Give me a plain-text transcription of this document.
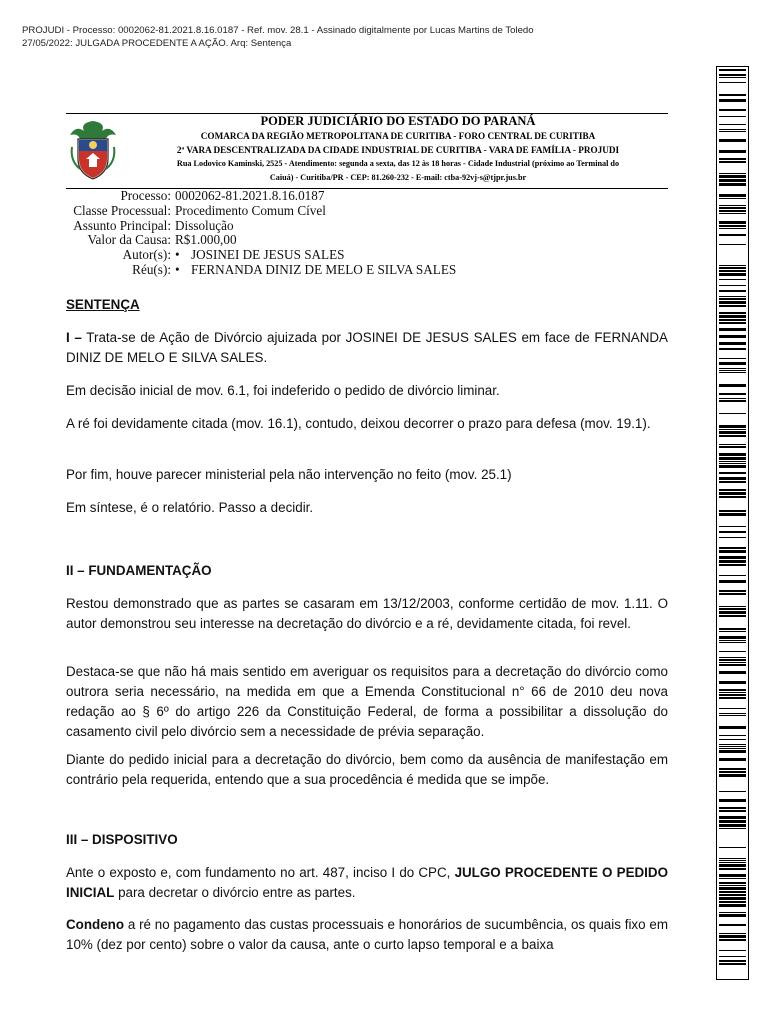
PROJUDI - Processo: 0002062-81.2021.8.16.0187 - Ref. mov. 28.1 - Assinado digitalmente por Lucas Martins de Toledo
27/05/2022: JULGADA PROCEDENTE A AÇÃO. Arq: Sentença
PODER JUDICIÁRIO DO ESTADO DO PARANÁ
COMARCA DA REGIÃO METROPOLITANA DE CURITIBA - FORO CENTRAL DE CURITIBA
2ª VARA DESCENTRALIZADA DA CIDADE INDUSTRIAL DE CURITIBA - VARA DE FAMÍLIA - PROJUDI
Rua Lodovico Kaminski, 2525 - Atendimento: segunda a sexta, das 12 às 18 horas - Cidade Industrial (próximo ao Terminal do
Caiuá) - Curitiba/PR - CEP: 81.260-232 - E-mail: ctba-92vj-s@tjpr.jus.br
Processo: 0002062-81.2021.8.16.0187
Classe Processual: Procedimento Comum Cível
Assunto Principal: Dissolução
Valor da Causa: R$1.000,00
Autor(s): • JOSINEI DE JESUS SALES
Réu(s): • FERNANDA DINIZ DE MELO E SILVA SALES
SENTENÇA
I – Trata-se de Ação de Divórcio ajuizada por JOSINEI DE JESUS SALES em face de FERNANDA DINIZ DE MELO E SILVA SALES.
Em decisão inicial de mov. 6.1, foi indeferido o pedido de divórcio liminar.
A ré foi devidamente citada (mov. 16.1), contudo, deixou decorrer o prazo para defesa (mov. 19.1).
Por fim, houve parecer ministerial pela não intervenção no feito (mov. 25.1)
Em síntese, é o relatório. Passo a decidir.
II – FUNDAMENTAÇÃO
Restou demonstrado que as partes se casaram em 13/12/2003, conforme certidão de mov. 1.11. O autor demonstrou seu interesse na decretação do divórcio e a ré, devidamente citada, foi revel.
Destaca-se que não há mais sentido em averiguar os requisitos para a decretação do divórcio como outrora seria necessário, na medida em que a Emenda Constitucional n° 66 de 2010 deu nova redação ao § 6º do artigo 226 da Constituição Federal, de forma a possibilitar a dissolução do casamento civil pelo divórcio sem a necessidade de prévia separação.
Diante do pedido inicial para a decretação do divórcio, bem como da ausência de manifestação em contrário pela requerida, entendo que a sua procedência é medida que se impõe.
III – DISPOSITIVO
Ante o exposto e, com fundamento no art. 487, inciso I do CPC, JULGO PROCEDENTE O PEDIDO INICIAL para decretar o divórcio entre as partes.
Condeno a ré no pagamento das custas processuais e honorários de sucumbência, os quais fixo em 10% (dez por cento) sobre o valor da causa, ante o curto lapso temporal e a baixa
